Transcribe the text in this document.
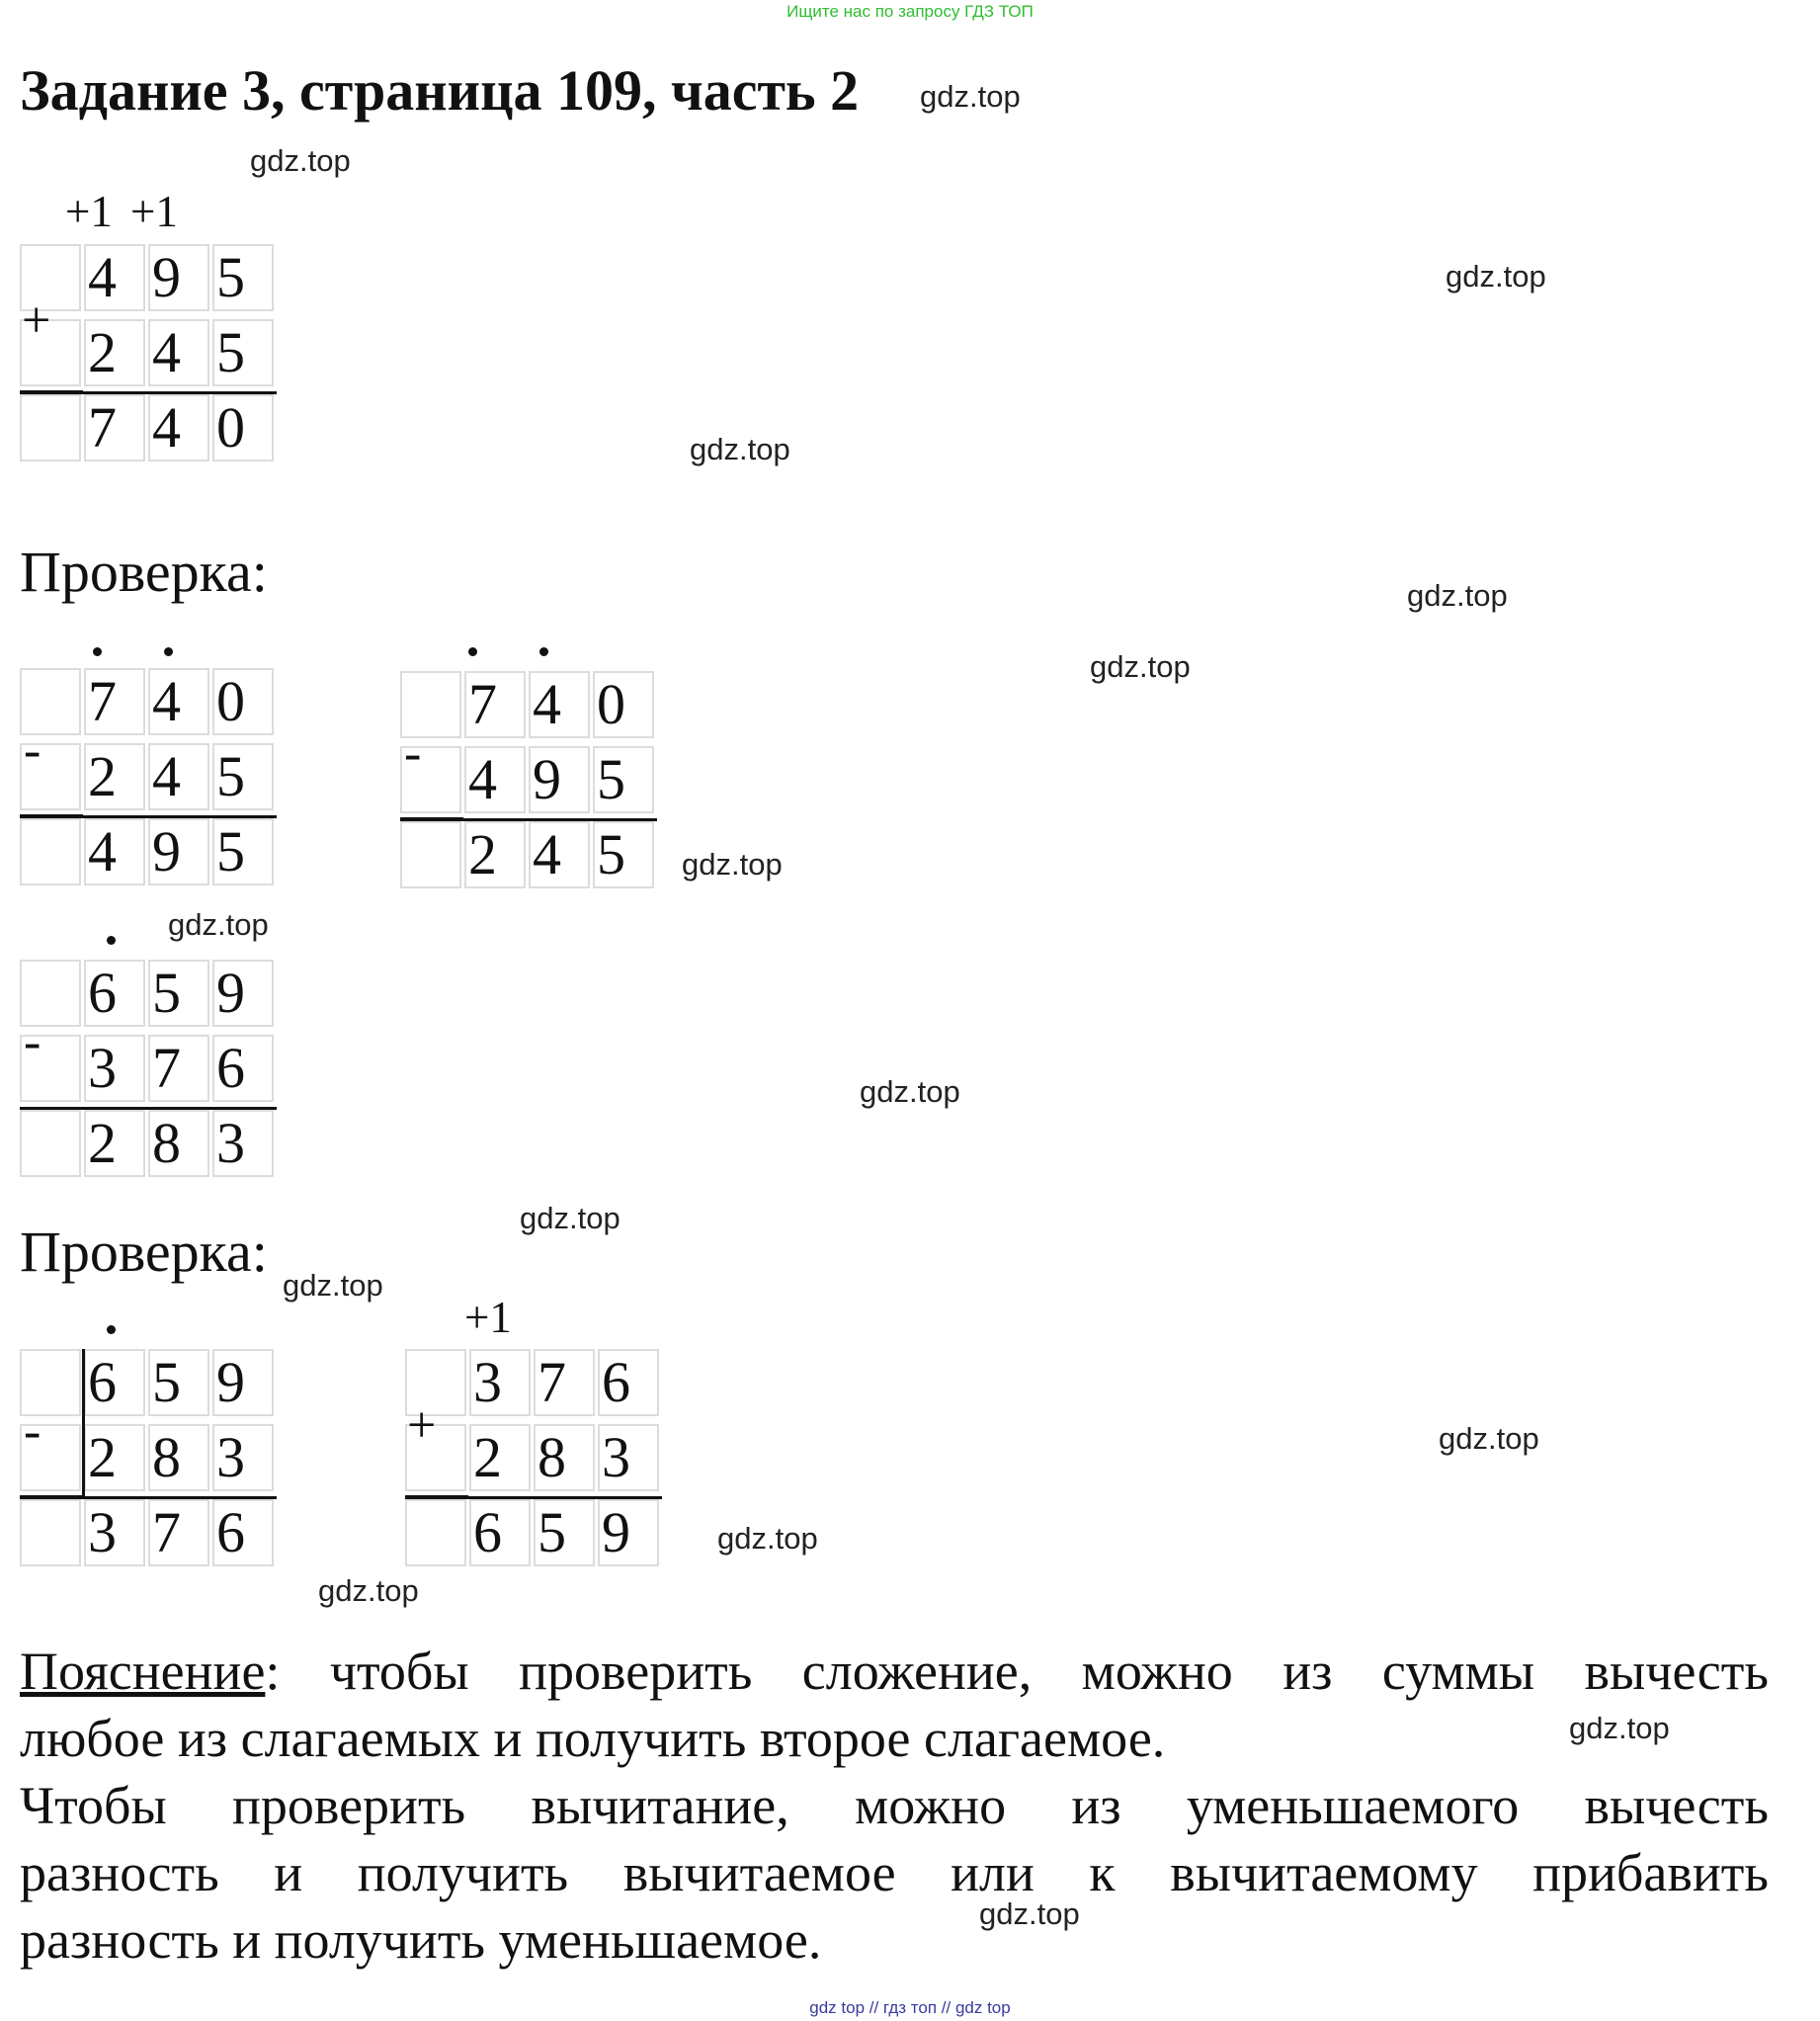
Ищите нас по запросу ГДЗ ТОП
Задание 3, страница 109, часть 2
+1 +1
+
4 9 5
2 4 5
7 4 0
Проверка:
-
7 4 0
2 4 5
4 9 5
-
7 4 0
4 9 5
2 4 5
-
6 5 9
3 7 6
2 8 3
Проверка:
-
6 5 9
2 8 3
3 7 6
+1
+
3 7 6
2 8 3
6 5 9
Пояснение: чтобы проверить сложение, можно из суммы вычесть
любое из слагаемых и получить второе слагаемое.
Чтобы проверить вычитание, можно из уменьшаемого вычесть
разность и получить вычитаемое или к вычитаемому прибавить
разность и получить уменьшаемое.
gdz.top
gdz.top
gdz.top
gdz.top
gdz.top
gdz.top
gdz.top
gdz.top
gdz.top
gdz.top
gdz.top
gdz.top
gdz.top
gdz.top
gdz.top
gdz.top
gdz top // гдз топ // gdz top
